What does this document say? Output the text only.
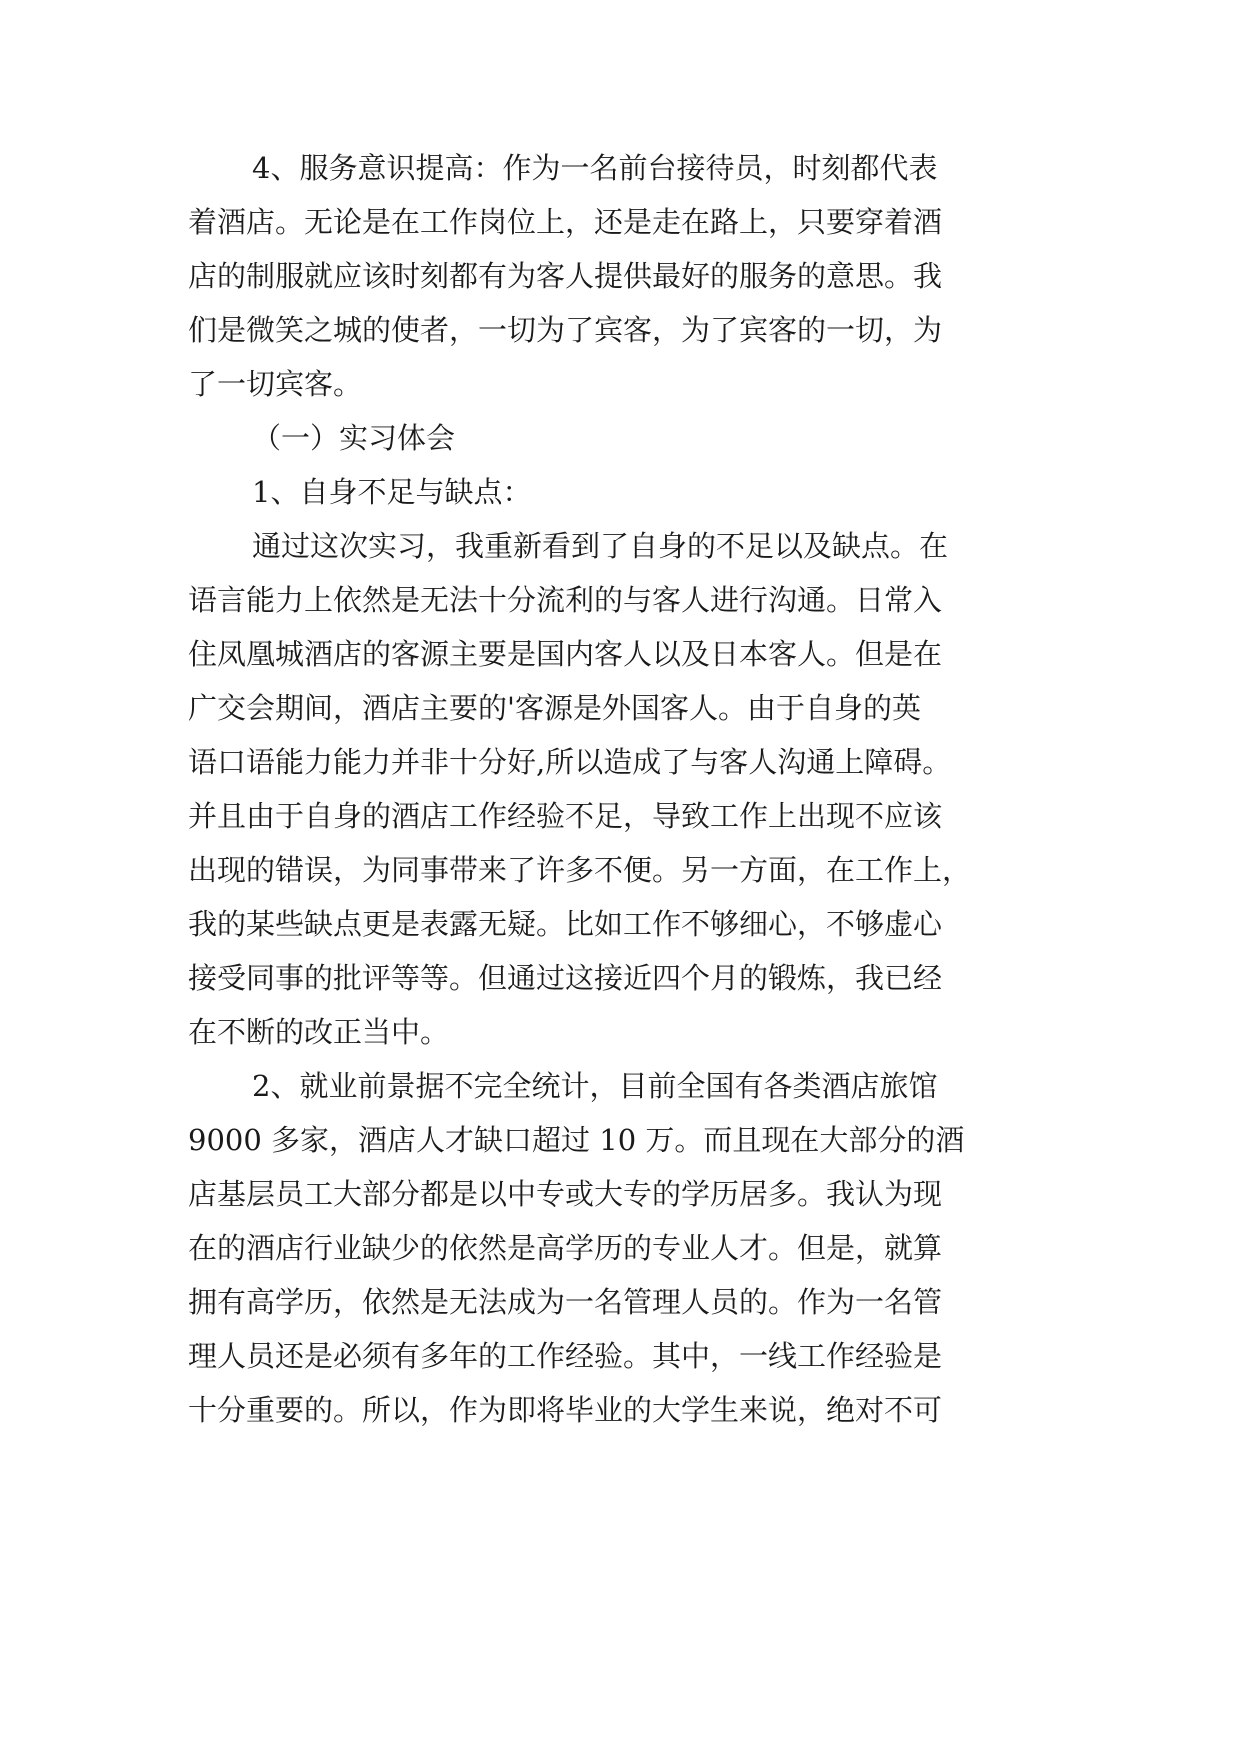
4、服务意识提高：作为一名前台接待员，时刻都代表
着酒店。无论是在工作岗位上，还是走在路上，只要穿着酒
店的制服就应该时刻都有为客人提供最好的服务的意思。我
们是微笑之城的使者，一切为了宾客，为了宾客的一切，为
了一切宾客。
（一）实习体会
1、自身不足与缺点：
通过这次实习，我重新看到了自身的不足以及缺点。在
语言能力上依然是无法十分流利的与客人进行沟通。日常入
住凤凰城酒店的客源主要是国内客人以及日本客人。但是在
广交会期间，酒店主要的'客源是外国客人。由于自身的英
语口语能力能力并非十分好,所以造成了与客人沟通上障碍。
并且由于自身的酒店工作经验不足，导致工作上出现不应该
出现的错误，为同事带来了许多不便。另一方面，在工作上，
我的某些缺点更是表露无疑。比如工作不够细心，不够虚心
接受同事的批评等等。但通过这接近四个月的锻炼，我已经
在不断的改正当中。
2、就业前景据不完全统计，目前全国有各类酒店旅馆
9000 多家，酒店人才缺口超过 10 万。而且现在大部分的酒
店基层员工大部分都是以中专或大专的学历居多。我认为现
在的酒店行业缺少的依然是高学历的专业人才。但是，就算
拥有高学历，依然是无法成为一名管理人员的。作为一名管
理人员还是必须有多年的工作经验。其中，一线工作经验是
十分重要的。所以，作为即将毕业的大学生来说，绝对不可
